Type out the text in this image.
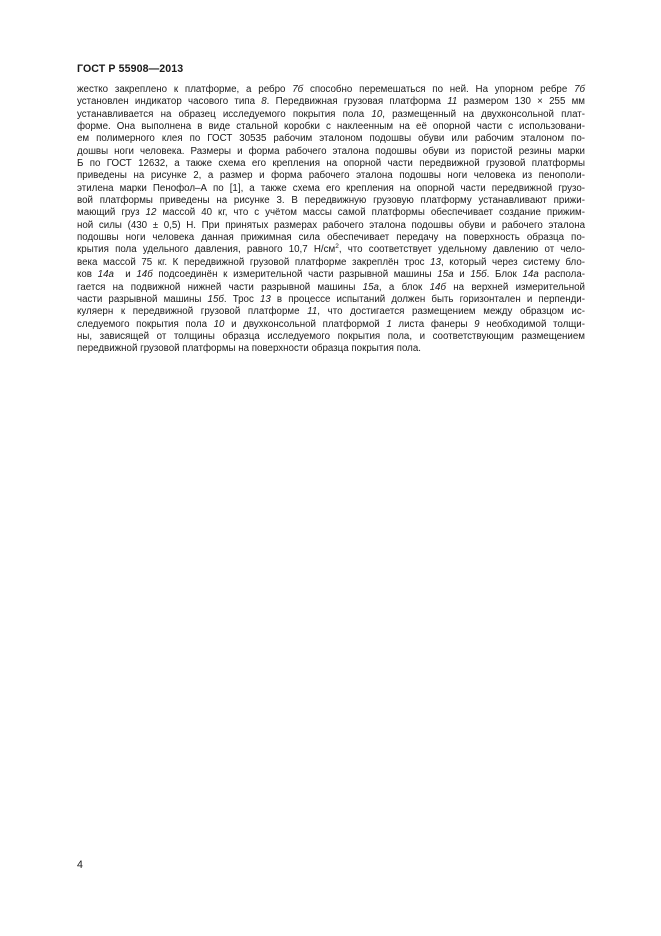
ГОСТ Р 55908—2013
жестко закреплено к платформе, а ребро 7б способно перемешаться по ней. На упорном ребре 7б
установлен индикатор часового типа 8. Передвижная грузовая платформа 11 размером 130 × 255 мм
устанавливается на образец исследуемого покрытия пола 10, размещенный на двухконсольной плат-
форме. Она выполнена в виде стальной коробки с наклеенным на её опорной части с использовани-
ем полимерного клея по ГОСТ 30535 рабочим эталоном подошвы обуви или рабочим эталоном по-
дошвы ноги человека. Размеры и форма рабочего эталона подошвы обуви из пористой резины марки
Б по ГОСТ 12632, а также схема его крепления на опорной части передвижной грузовой платформы
приведены на рисунке 2, а размер и форма рабочего эталона подошвы ноги человека из пенополи-
этилена марки Пенофол–А по [1], а также схема его крепления на опорной части передвижной грузо-
вой платформы приведены на рисунке 3. В передвижную грузовую платформу устанавливают прижи-
мающий груз 12 массой 40 кг, что с учётом массы самой платформы обеспечивает создание прижим-
ной силы (430 ± 0,5) Н. При принятых размерах рабочего эталона подошвы обуви и рабочего эталона
подошвы ноги человека данная прижимная сила обеспечивает передачу на поверхность образца по-
крытия пола удельного давления, равного 10,7 $Н/см^2$, что соответствует удельному давлению от чело-
века массой 75 кг. К передвижной грузовой платформе закреплён трос 13, который через систему бло-
ков 14а  и 14б подсоединён к измерительной части разрывной машины 15а и 15б. Блок 14а распола-
гается на подвижной нижней части разрывной машины 15а, а блок 14б на верхней измерительной
части разрывной машины 15б. Трос 13 в процессе испытаний должен быть горизонтален и перпенди-
куляерн к передвижной грузовой платформе 11, что достигается размещением между образцом ис-
следуемого покрытия пола 10 и двухконсольной платформой 1 листа фанеры 9 необходимой толщи-
ны, зависящей от толщины образца исследуемого покрытия пола, и соответствующим размещением
передвижной грузовой платформы на поверхности образца покрытия пола.
4
